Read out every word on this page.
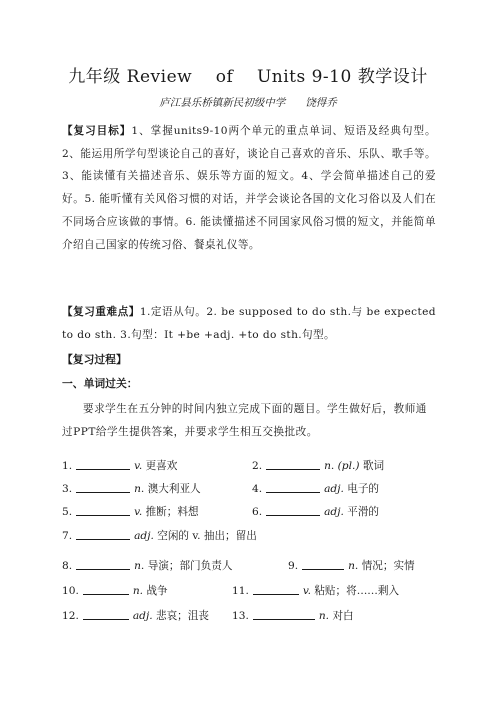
九年级 Review    of    Units 9-10 教学设计
庐江县乐桥镇新民初级中学      饶得乔
【复习目标】1、掌握units9-10两个单元的重点单词、短语及经典句型。2、能运用所学句型谈论自己的喜好，谈论自己喜欢的音乐、乐队、歌手等。3、能读懂有关描述音乐、娱乐等方面的短文。4、学会简单描述自己的爱好。5. 能听懂有关风俗习惯的对话，并学会谈论各国的文化习俗以及人们在不同场合应该做的事情。6. 能读懂描述不同国家风俗习惯的短文，并能简单介绍自己国家的传统习俗、餐桌礼仪等。
【复习重难点】1.定语从句。2. be supposed to do sth.与 be expected to do sth. 3.句型：It +be +adj. +to do sth.句型。
【复习过程】
一、单词过关：
要求学生在五分钟的时间内独立完成下面的题目。学生做好后，教师通过PPT给学生提供答案，并要求学生相互交换批改。
1.	v. 更喜欢	2.	n. (pl.) 歌词
3.	n. 澳大利亚人	4.	adj. 电子的
5.	v. 推断；料想	6.	adj. 平滑的
7.	adj. 空闲的 v. 抽出；留出
8.	n. 导演；部门负责人	9.	n. 情况；实情
10.	n. 战争	11.	v. 粘贴；将……剩入
12.	adj. 悲哀；沮丧 13.	n. 对白
